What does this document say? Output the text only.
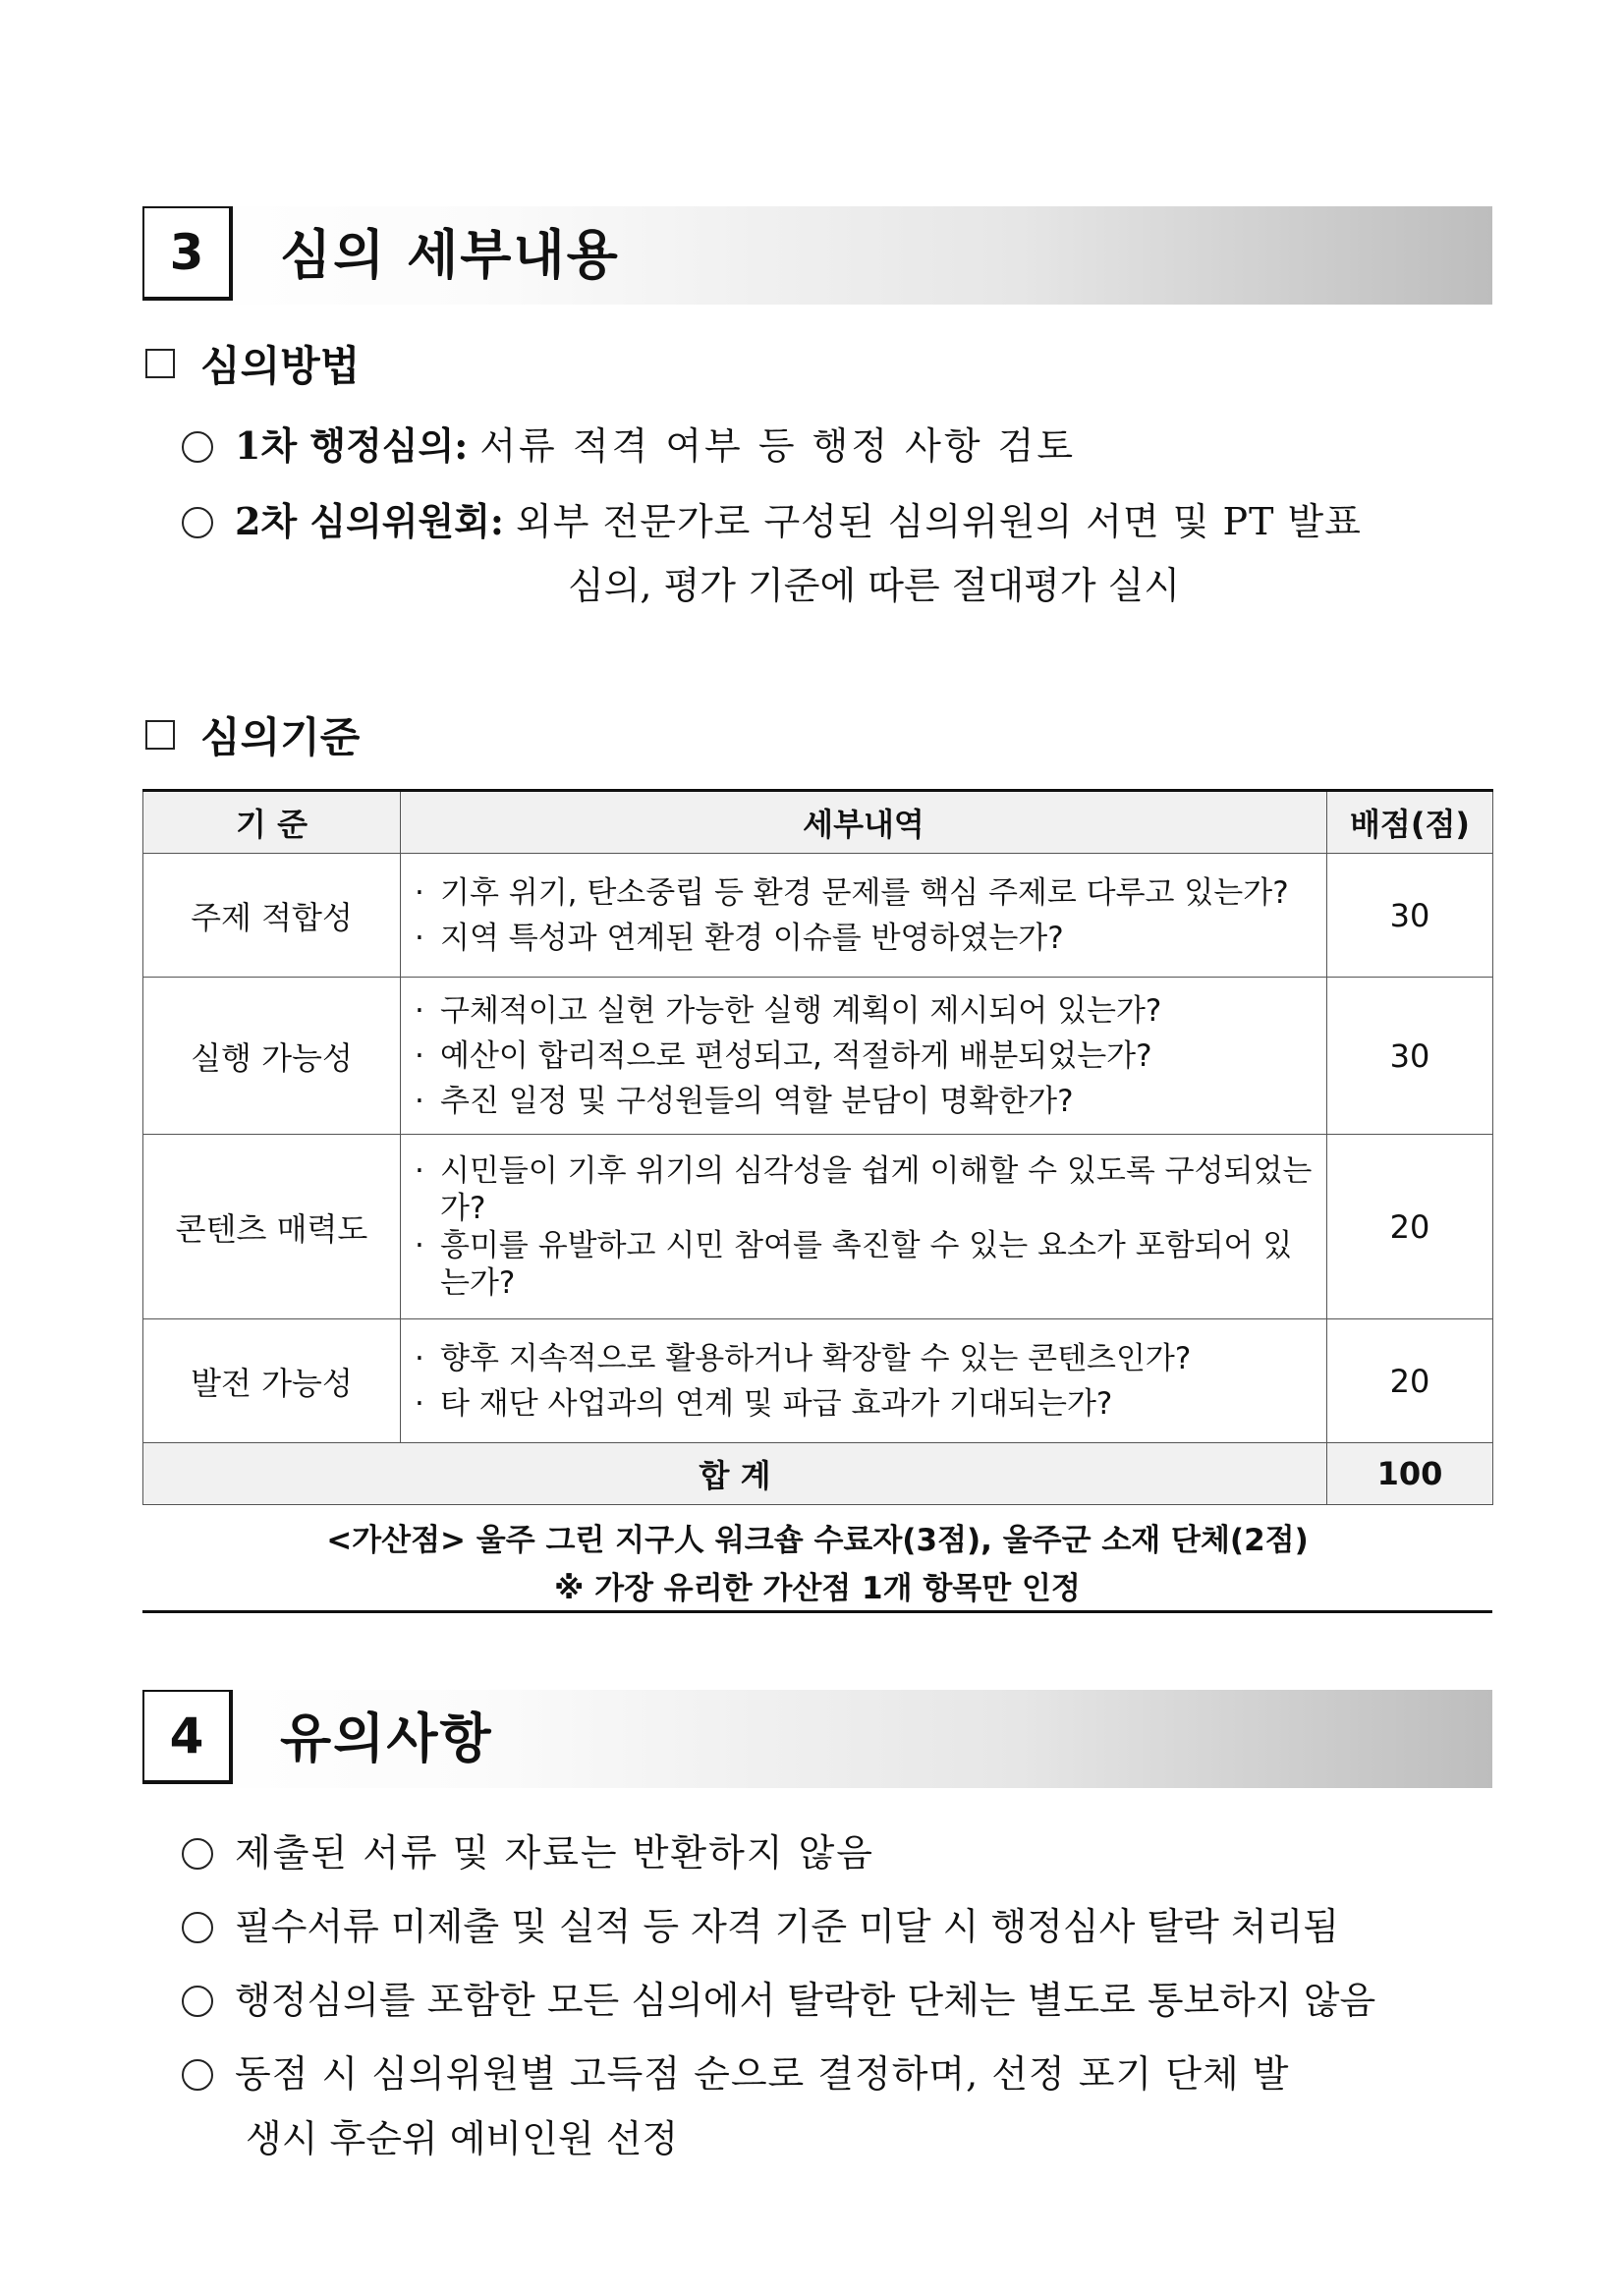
3	심의 세부내용
심의방법
1차 행정심의: 서류 적격 여부 등 행정 사항 검토
2차 심의위원회: 외부 전문가로 구성된 심의위원의 서면 및 PT 발표
심의, 평가 기준에 따른 절대평가 실시
심의기준
기 준	세부내역	배점(점)
주제 적합성	· 기후 위기, 탄소중립 등 환경 문제를 핵심 주제로 다루고 있는가?
· 지역 특성과 연계된 환경 이슈를 반영하였는가?	30
실행 가능성	· 구체적이고 실현 가능한 실행 계획이 제시되어 있는가?
· 예산이 합리적으로 편성되고, 적절하게 배분되었는가?
· 추진 일정 및 구성원들의 역할 분담이 명확한가?	30
콘텐츠 매력도	· 시민들이 기후 위기의 심각성을 쉽게 이해할 수 있도록 구성되었는가?
· 흥미를 유발하고 시민 참여를 촉진할 수 있는 요소가 포함되어 있는가?	20
발전 가능성	· 향후 지속적으로 활용하거나 확장할 수 있는 콘텐츠인가?
· 타 재단 사업과의 연계 및 파급 효과가 기대되는가?	20
합 계		100
<가산점> 울주 그린 지구人 워크숍 수료자(3점), 울주군 소재 단체(2점)
※ 가장 유리한 가산점 1개 항목만 인정
4	유의사항
제출된 서류 및 자료는 반환하지 않음
필수서류 미제출 및 실적 등 자격 기준 미달 시 행정심사 탈락 처리됨
행정심의를 포함한 모든 심의에서 탈락한 단체는 별도로 통보하지 않음
동점 시 심의위원별 고득점 순으로 결정하며, 선정 포기 단체 발
생시 후순위 예비인원 선정
